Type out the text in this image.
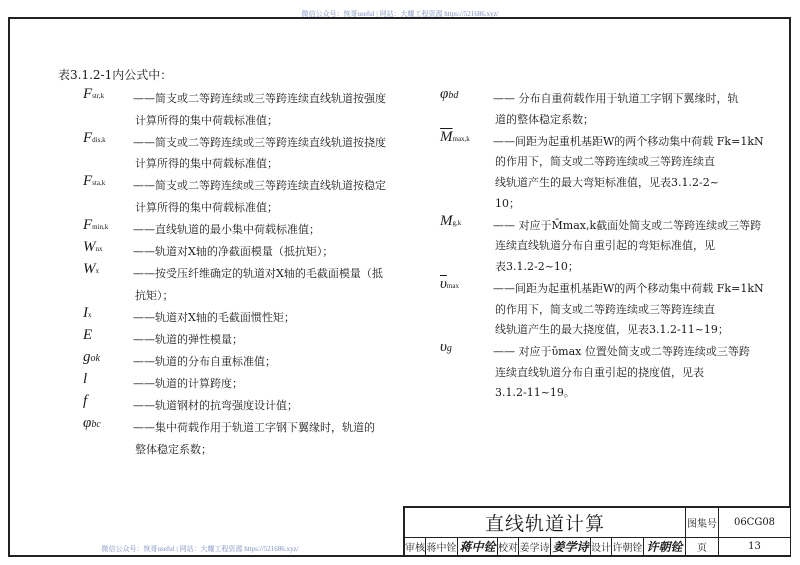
微信公众号：恢哥useful | 网站：大耀工程资源 https://521686.xyz/
表3.1.2-1内公式中：
Fstr,k	——简支或二等跨连续或三等跨连续直线轨道按强度
计算所得的集中荷载标准值；
Fdis,k ——简支或二等跨连续或三等跨连续直线轨道按挠度
计算所得的集中荷载标准值；
Fsta,k	——简支或二等跨连续或三等跨连续直线轨道按稳定
计算所得的集中荷载标准值；
Fmin,k ——直线轨道的最小集中荷载标准值；
Wnx	——轨道对X轴的净截面模量（抵抗矩）；
Wx	——按受压纤维确定的轨道对X轴的毛截面模量（抵
抗矩）；
Ix	——轨道对X轴的毛截面惯性矩；
E	——轨道的弹性模量；
gok	——轨道的分布自重标准值；
l	——轨道的计算跨度；
f	——轨道钢材的抗弯强度设计值；
φbc	——集中荷载作用于轨道工字钢下翼缘时，轨道的
整体稳定系数；
φbd	—— 分布自重荷载作用于轨道工字钢下翼缘时，轨
道的整体稳定系数；
$\overline{M}\max,k$ ——间距为起重机基距W的两个移动集中荷载 Fk=1kN
的作用下，简支或二等跨连续或三等跨连续直
线轨道产生的最大弯矩标准值，见表3.1.2-2~
10；
Mg,k	—— 对应于M̄max,k截面处简支或二等跨连续或三等跨
连续直线轨道分布自重引起的弯矩标准值，见
表3.1.2-2~10；
$\overline{\upsilon}\max$	——间距为起重机基距W的两个移动集中荷载 Fk=1kN
的作用下，简支或二等跨连续或三等跨连续直
线轨道产生的最大挠度值，见表3.1.2-11~19；
υg	—— 对应于ῡmax 位置处简支或二等跨连续或三等跨
连续直线轨道分布自重引起的挠度值，见表
3.1.2-11~19。
直线轨道计算	图集号	06CG08
审核 蒋中铨 蒋中铨 校对 姜学诗 姜学诗 设计 许朝铨 许朝铨	页	13
微信公众号：恢哥useful | 网站：大耀工程资源 https://521686.xyz/
